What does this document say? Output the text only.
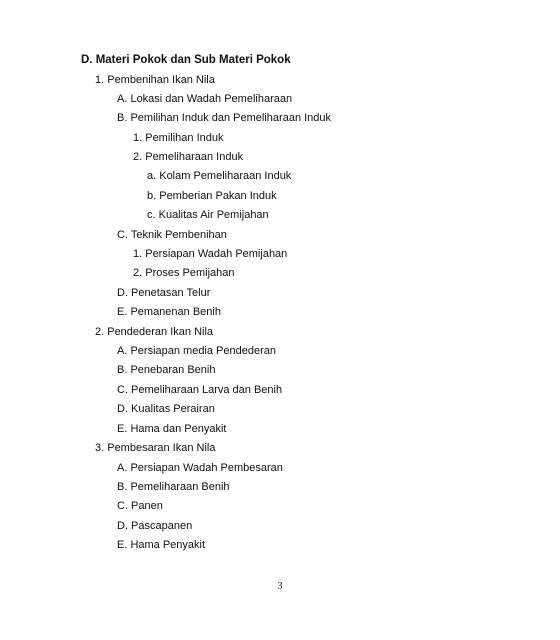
D. Materi Pokok dan Sub Materi Pokok
1. Pembenihan Ikan Nila
A. Lokasi dan Wadah Pemeliharaan
B. Pemilihan Induk dan Pemeliharaan Induk
1. Pemilihan Induk
2. Pemeliharaan Induk
a. Kolam Pemeliharaan Induk
b. Pemberian Pakan Induk
c. Kualitas Air Pemijahan
C. Teknik Pembenihan
1. Persiapan Wadah Pemijahan
2. Proses Pemijahan
D. Penetasan Telur
E. Pemanenan Benih
2. Pendederan Ikan Nila
A. Persiapan media Pendederan
B. Penebaran Benih
C. Pemeliharaan Larva dan Benih
D. Kualitas Perairan
E. Hama dan Penyakit
3. Pembesaran Ikan Nila
A. Persiapan Wadah Pembesaran
B. Pemeliharaan Benih
C. Panen
D. Pascapanen
E. Hama Penyakit
3
